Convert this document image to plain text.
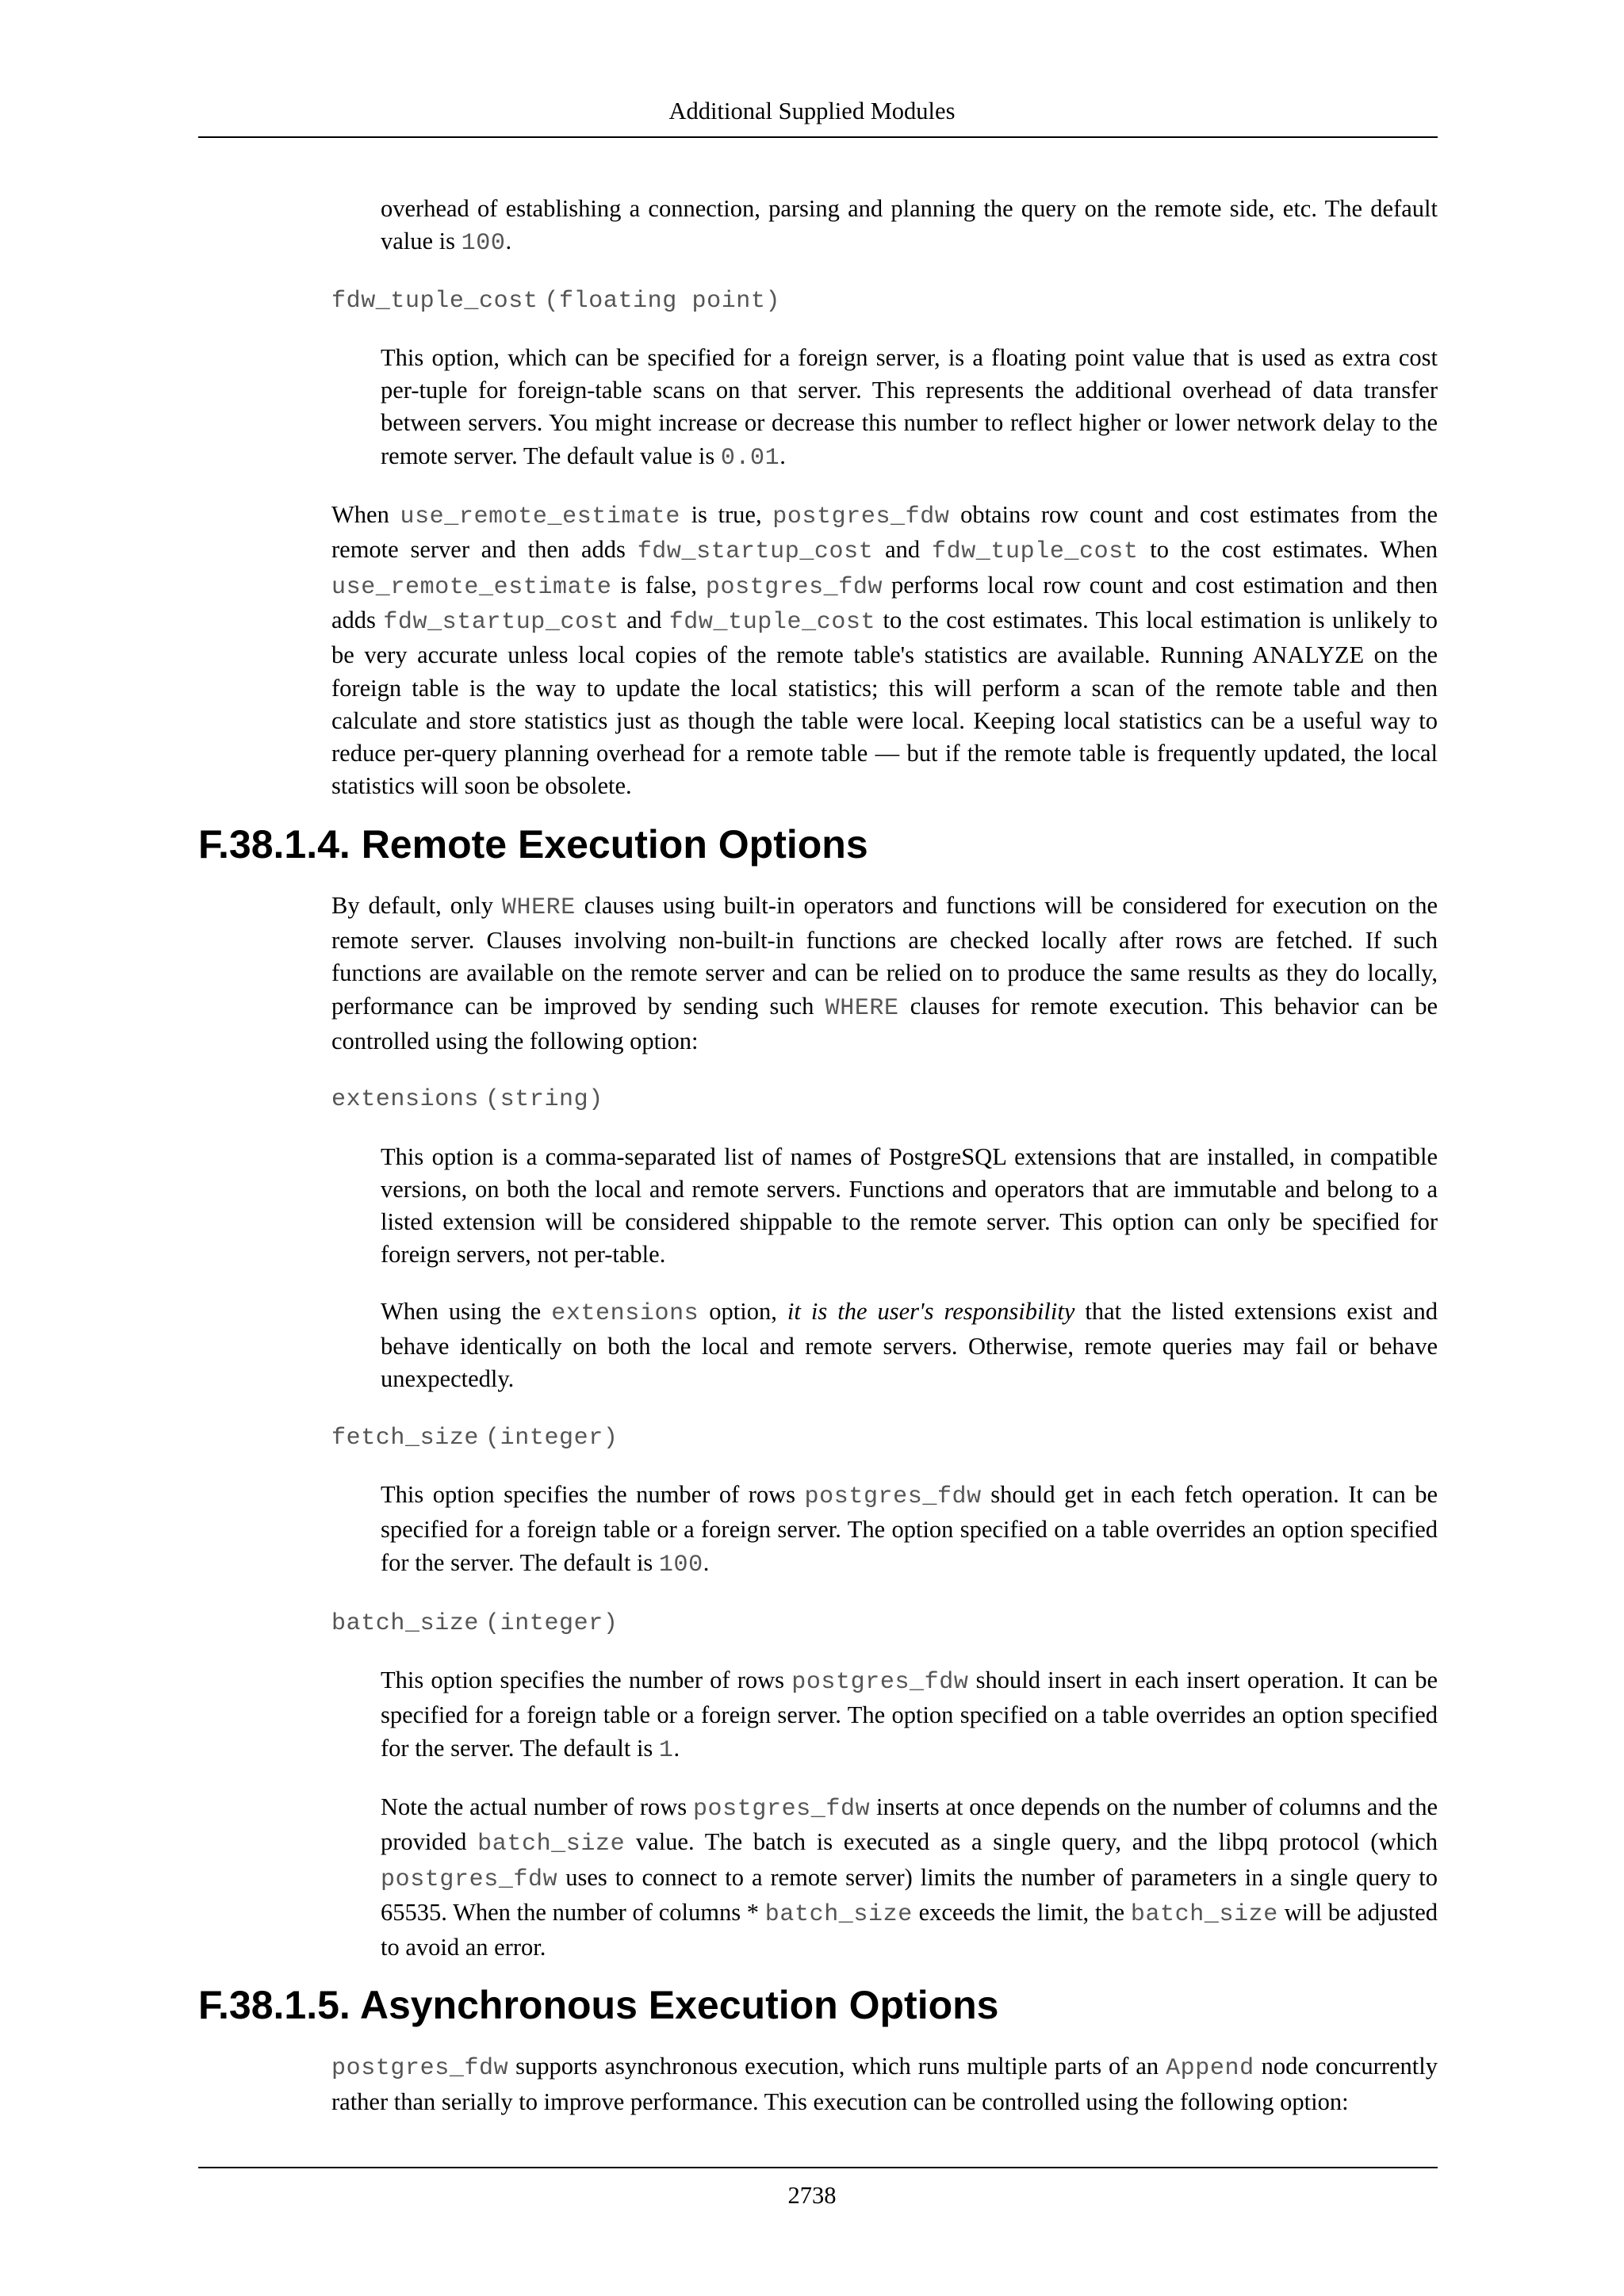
Additional Supplied Modules

overhead of establishing a connection, parsing and planning the query on the remote side, etc. The default value is 100.

fdw_tuple_cost (floating point)

This option, which can be specified for a foreign server, is a floating point value that is used as extra cost per-tuple for foreign-table scans on that server. This represents the additional overhead of data transfer between servers. You might increase or decrease this number to reflect higher or lower network delay to the remote server. The default value is 0.01.

When use_remote_estimate is true, postgres_fdw obtains row count and cost estimates from the remote server and then adds fdw_startup_cost and fdw_tuple_cost to the cost estimates. When use_remote_estimate is false, postgres_fdw performs local row count and cost estimation and then adds fdw_startup_cost and fdw_tuple_cost to the cost estimates. This local estimation is unlikely to be very accurate unless local copies of the remote table's statistics are available. Running ANALYZE on the foreign table is the way to update the local statistics; this will perform a scan of the remote table and then calculate and store statistics just as though the table were local. Keeping local statistics can be a useful way to reduce per-query planning overhead for a remote table — but if the remote table is frequently updated, the local statistics will soon be obsolete.

F.38.1.4. Remote Execution Options

By default, only WHERE clauses using built-in operators and functions will be considered for execution on the remote server. Clauses involving non-built-in functions are checked locally after rows are fetched. If such functions are available on the remote server and can be relied on to produce the same results as they do locally, performance can be improved by sending such WHERE clauses for remote execution. This behavior can be controlled using the following option:

extensions (string)

This option is a comma-separated list of names of PostgreSQL extensions that are installed, in compatible versions, on both the local and remote servers. Functions and operators that are immutable and belong to a listed extension will be considered shippable to the remote server. This option can only be specified for foreign servers, not per-table.

When using the extensions option, it is the user's responsibility that the listed extensions exist and behave identically on both the local and remote servers. Otherwise, remote queries may fail or behave unexpectedly.

fetch_size (integer)

This option specifies the number of rows postgres_fdw should get in each fetch operation. It can be specified for a foreign table or a foreign server. The option specified on a table overrides an option specified for the server. The default is 100.

batch_size (integer)

This option specifies the number of rows postgres_fdw should insert in each insert operation. It can be specified for a foreign table or a foreign server. The option specified on a table overrides an option specified for the server. The default is 1.

Note the actual number of rows postgres_fdw inserts at once depends on the number of columns and the provided batch_size value. The batch is executed as a single query, and the libpq protocol (which postgres_fdw uses to connect to a remote server) limits the number of parameters in a single query to 65535. When the number of columns * batch_size exceeds the limit, the batch_size will be adjusted to avoid an error.

F.38.1.5. Asynchronous Execution Options

postgres_fdw supports asynchronous execution, which runs multiple parts of an Append node concurrently rather than serially to improve performance. This execution can be controlled using the following option:

2738
